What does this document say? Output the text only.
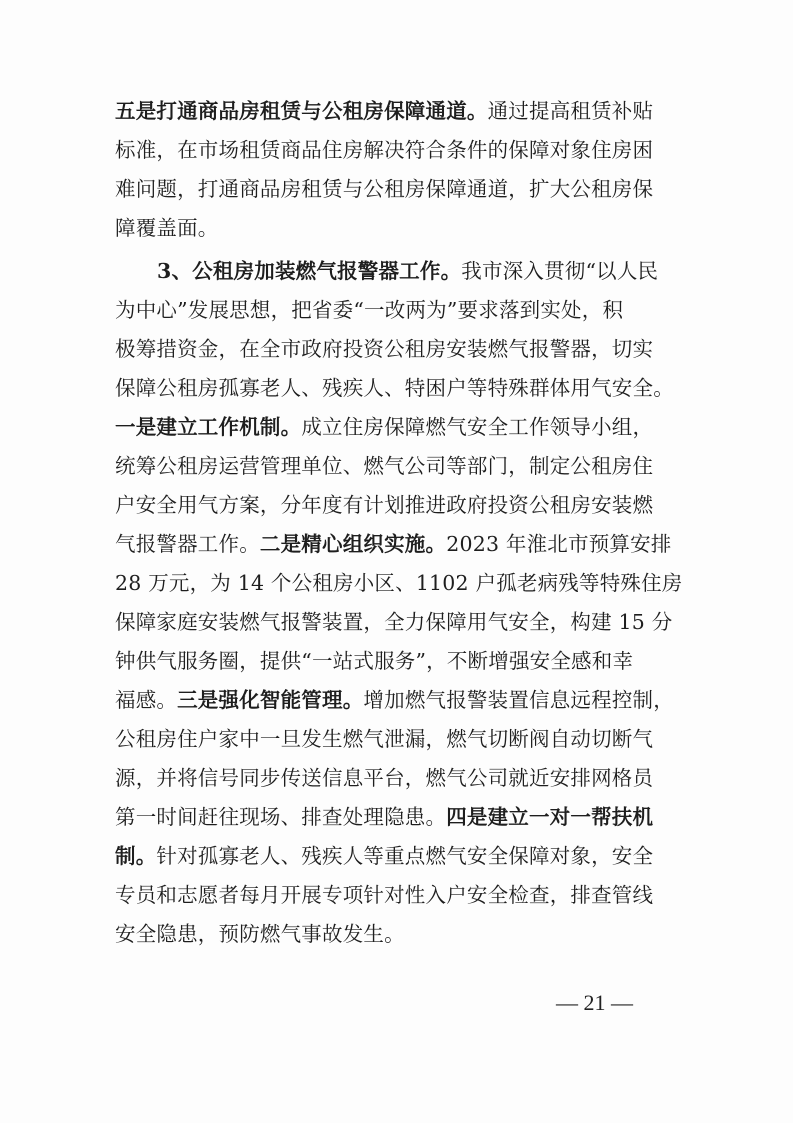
五是打通商品房租赁与公租房保障通道。通过提高租赁补贴
标准，在市场租赁商品住房解决符合条件的保障对象住房困
难问题，打通商品房租赁与公租房保障通道，扩大公租房保
障覆盖面。
3、公租房加装燃气报警器工作。我市深入贯彻“以人民
为中心”发展思想，把省委“一改两为”要求落到实处，积
极筹措资金，在全市政府投资公租房安装燃气报警器，切实
保障公租房孤寡老人、残疾人、特困户等特殊群体用气安全。
一是建立工作机制。成立住房保障燃气安全工作领导小组，
统筹公租房运营管理单位、燃气公司等部门，制定公租房住
户安全用气方案，分年度有计划推进政府投资公租房安装燃
气报警器工作。二是精心组织实施。2023 年淮北市预算安排
28 万元，为 14 个公租房小区、1102 户孤老病残等特殊住房
保障家庭安装燃气报警装置，全力保障用气安全，构建 15 分
钟供气服务圈，提供“一站式服务”，不断增强安全感和幸
福感。三是强化智能管理。增加燃气报警装置信息远程控制，
公租房住户家中一旦发生燃气泄漏，燃气切断阀自动切断气
源，并将信号同步传送信息平台，燃气公司就近安排网格员
第一时间赶往现场、排查处理隐患。四是建立一对一帮扶机
制。针对孤寡老人、残疾人等重点燃气安全保障对象，安全
专员和志愿者每月开展专项针对性入户安全检查，排查管线
安全隐患，预防燃气事故发生。
— 21 —
